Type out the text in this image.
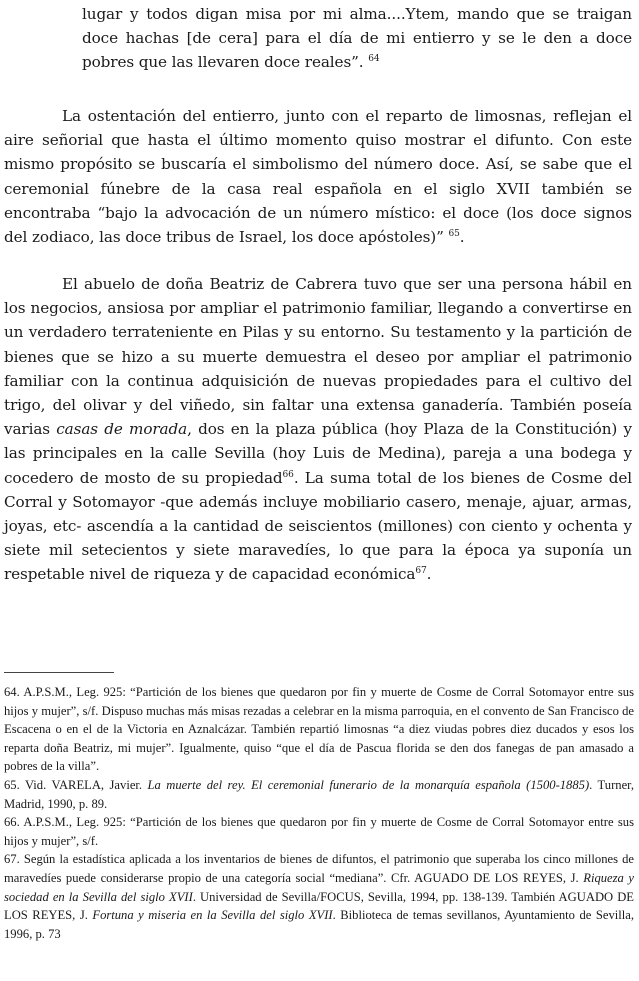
lugar y todos digan misa por mi alma....Ytem, mando que se traigan doce hachas [de cera] para el día de mi entierro y se le den a doce pobres que las llevaren doce reales”. $^{64}$
La ostentación del entierro, junto con el reparto de limosnas, reflejan el aire señorial que hasta el último momento quiso mostrar el difunto. Con este mismo propósito se buscaría el simbolismo del número doce. Así, se sabe que el ceremonial fúnebre de la casa real española en el siglo XVII también se encontraba “bajo la advocación de un número místico: el doce (los doce signos del zodiaco, las doce tribus de Israel, los doce apóstoles)” $^{65}$.
El abuelo de doña Beatriz de Cabrera tuvo que ser una persona hábil en los negocios, ansiosa por ampliar el patrimonio familiar, llegando a convertirse en un verdadero terrateniente en Pilas y su entorno. Su testamento y la partición de bienes que se hizo a su muerte demuestra el deseo por ampliar el patrimonio familiar con la continua adquisición de nuevas propiedades para el cultivo del trigo, del olivar y del viñedo, sin faltar una extensa ganadería. También poseía varias casas de morada, dos en la plaza pública (hoy Plaza de la Constitución) y las principales en la calle Sevilla (hoy Luis de Medina), pareja a una bodega y cocedero de mosto de su propiedad$^{66}$. La suma total de los bienes de Cosme del Corral y Sotomayor -que además incluye mobiliario casero, menaje, ajuar, armas, joyas, etc- ascendía a la cantidad de seiscientos (millones) con ciento y ochenta y siete mil setecientos y siete maravedíes, lo que para la época ya suponía un respetable nivel de riqueza y de capacidad económica$^{67}$.

64. A.P.S.M., Leg. 925: “Partición de los bienes que quedaron por fin y muerte de Cosme de Corral Sotomayor entre sus hijos y mujer”, s/f. Dispuso muchas más misas rezadas a celebrar en la misma parroquia, en el convento de San Francisco de Escacena o en el de la Victoria en Aznalcázar. También repartió limosnas “a diez viudas pobres diez ducados y esos los reparta doña Beatriz, mi mujer”. Igualmente, quiso “que el día de Pascua florida se den dos fanegas de pan amasado a pobres de la villa”.

65. Vid. VARELA, Javier. La muerte del rey. El ceremonial funerario de la monarquía española (1500-1885). Turner, Madrid, 1990, p. 89.

66. A.P.S.M., Leg. 925: “Partición de los bienes que quedaron por fin y muerte de Cosme de Corral Sotomayor entre sus hijos y mujer”, s/f.

67. Según la estadística aplicada a los inventarios de bienes de difuntos, el patrimonio que superaba los cinco millones de maravedíes puede considerarse propio de una categoría social “mediana”. Cfr. AGUADO DE LOS REYES, J. Riqueza y sociedad en la Sevilla del siglo XVII. Universidad de Sevilla/FOCUS, Sevilla, 1994, pp. 138-139. También AGUADO DE LOS REYES, J. Fortuna y miseria en la Sevilla del siglo XVII. Biblioteca de temas sevillanos, Ayuntamiento de Sevilla, 1996, p. 73
